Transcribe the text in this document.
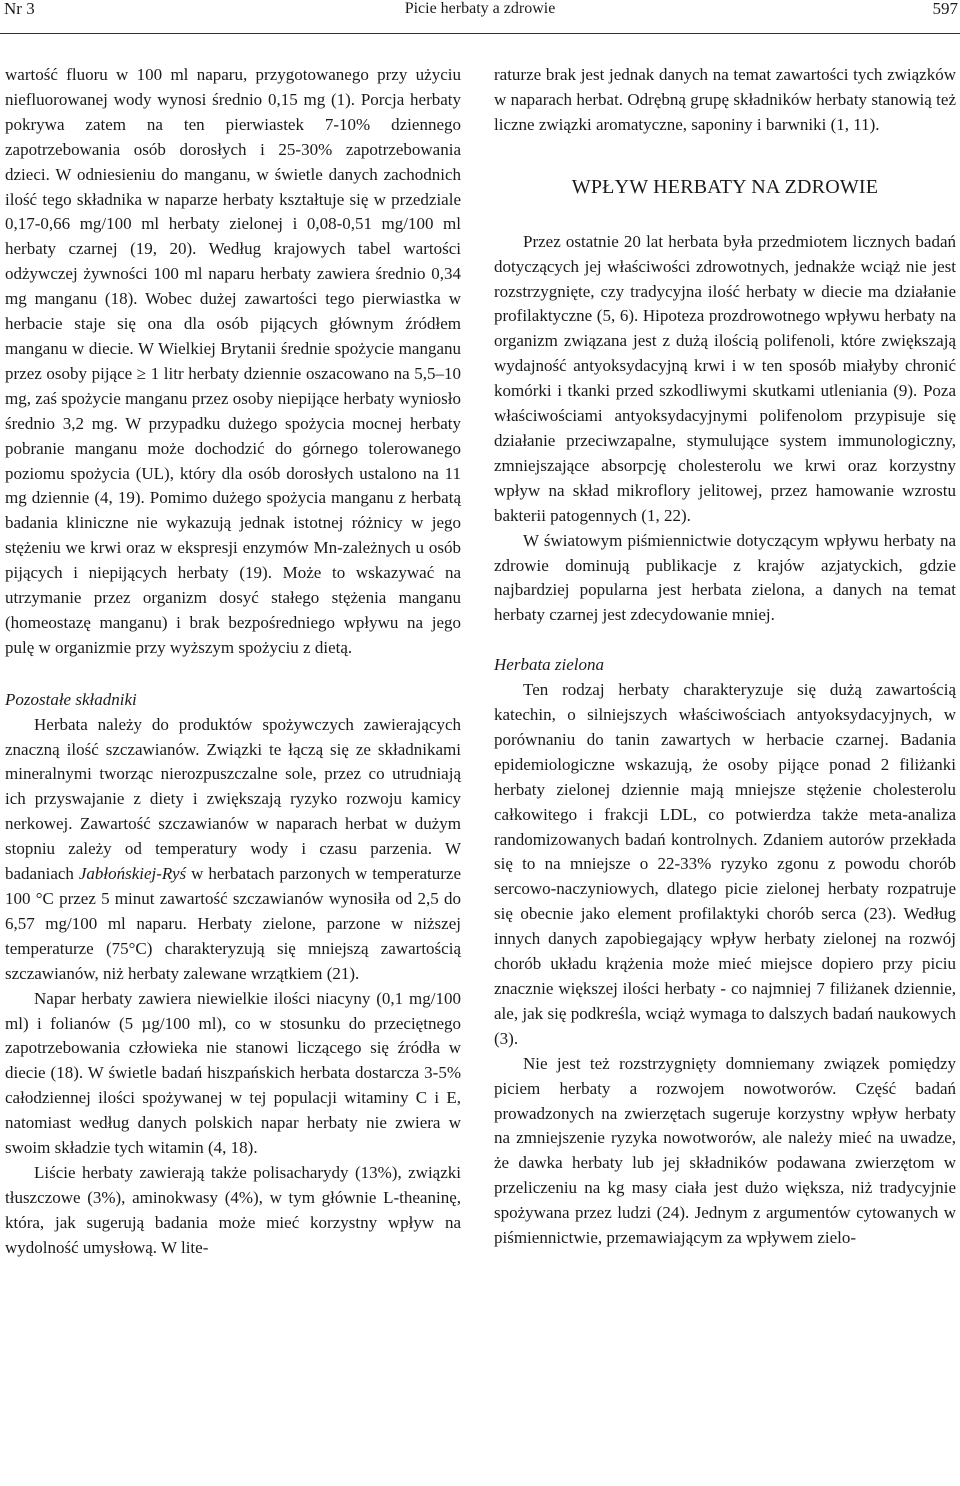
Nr 3	Picie herbaty a zdrowie	597

wartość fluoru w 100 ml naparu, przygotowanego przy użyciu niefluorowanej wody wynosi średnio 0,15 mg (1). Porcja herbaty pokrywa zatem na ten pierwiastek 7-10% dziennego zapotrzebowania osób dorosłych i 25-30% zapotrzebowania dzieci. W odniesieniu do manganu, w świetle danych zachodnich ilość tego składnika w naparze herbaty kształtuje się w przedziale 0,17-0,66 mg/100 ml herbaty zielonej i 0,08-0,51 mg/100 ml herbaty czarnej (19, 20). Według krajowych tabel wartości odżywczej żywności 100 ml naparu herbaty zawiera średnio 0,34 mg manganu (18). Wobec dużej zawartości tego pierwiastka w herbacie staje się ona dla osób pijących głównym źródłem manganu w diecie. W Wielkiej Brytanii średnie spożycie manganu przez osoby pijące ≥ 1 litr herbaty dziennie oszacowano na 5,5–10 mg, zaś spożycie manganu przez osoby niepijące herbaty wyniosło średnio 3,2 mg. W przypadku dużego spożycia mocnej herbaty pobranie manganu może dochodzić do górnego tolerowanego poziomu spożycia (UL), który dla osób dorosłych ustalono na 11 mg dziennie (4, 19). Pomimo dużego spożycia manganu z herbatą badania kliniczne nie wykazują jednak istotnej różnicy w jego stężeniu we krwi oraz w ekspresji enzymów Mn-zależnych u osób pijących i niepijących herbaty (19). Może to wskazywać na utrzymanie przez organizm dosyć stałego stężenia manganu (homeostazę manganu) i brak bezpośredniego wpływu na jego pulę w organizmie przy wyższym spożyciu z dietą.

Pozostałe składniki

Herbata należy do produktów spożywczych zawierających znaczną ilość szczawianów. Związki te łączą się ze składnikami mineralnymi tworząc nierozpuszczalne sole, przez co utrudniają ich przyswajanie z diety i zwiększają ryzyko rozwoju kamicy nerkowej. Zawartość szczawianów w naparach herbat w dużym stopniu zależy od temperatury wody i czasu parzenia. W badaniach Jabłońskiej-Ryś w herbatach parzonych w temperaturze 100 °C przez 5 minut zawartość szczawianów wynosiła od 2,5 do 6,57 mg/100 ml naparu. Herbaty zielone, parzone w niższej temperaturze (75°C) charakteryzują się mniejszą zawartością szczawianów, niż herbaty zalewane wrzątkiem (21).

Napar herbaty zawiera niewielkie ilości niacyny (0,1 mg/100 ml) i folianów (5 µg/100 ml), co w stosunku do przeciętnego zapotrzebowania człowieka nie stanowi liczącego się źródła w diecie (18). W świetle badań hiszpańskich herbata dostarcza 3-5% całodziennej ilości spożywanej w tej populacji witaminy C i E, natomiast według danych polskich napar herbaty nie zwiera w swoim składzie tych witamin (4, 18).

Liście herbaty zawierają także polisacharydy (13%), związki tłuszczowe (3%), aminokwasy (4%), w tym głównie L-theaninę, która, jak sugerują badania może mieć korzystny wpływ na wydolność umysłową. W lite-

raturze brak jest jednak danych na temat zawartości tych związków w naparach herbat. Odrębną grupę składników herbaty stanowią też liczne związki aromatyczne, saponiny i barwniki (1, 11).

WPŁYW HERBATY NA ZDROWIE

Przez ostatnie 20 lat herbata była przedmiotem licznych badań dotyczących jej właściwości zdrowotnych, jednakże wciąż nie jest rozstrzygnięte, czy tradycyjna ilość herbaty w diecie ma działanie profilaktyczne (5, 6). Hipoteza prozdrowotnego wpływu herbaty na organizm związana jest z dużą ilością polifenoli, które zwiększają wydajność antyoksydacyjną krwi i w ten sposób miałyby chronić komórki i tkanki przed szkodliwymi skutkami utleniania (9). Poza właściwościami antyoksydacyjnymi polifenolom przypisuje się działanie przeciwzapalne, stymulujące system immunologiczny, zmniejszające absorpcję cholesterolu we krwi oraz korzystny wpływ na skład mikroflory jelitowej, przez hamowanie wzrostu bakterii patogennych (1, 22).

W światowym piśmiennictwie dotyczącym wpływu herbaty na zdrowie dominują publikacje z krajów azjatyckich, gdzie najbardziej popularna jest herbata zielona, a danych na temat herbaty czarnej jest zdecydowanie mniej.

Herbata zielona

Ten rodzaj herbaty charakteryzuje się dużą zawartością katechin, o silniejszych właściwościach antyoksydacyjnych, w porównaniu do tanin zawartych w herbacie czarnej. Badania epidemiologiczne wskazują, że osoby pijące ponad 2 filiżanki herbaty zielonej dziennie mają mniejsze stężenie cholesterolu całkowitego i frakcji LDL, co potwierdza także meta-analiza randomizowanych badań kontrolnych. Zdaniem autorów przekłada się to na mniejsze o 22-33% ryzyko zgonu z powodu chorób sercowo-naczyniowych, dlatego picie zielonej herbaty rozpatruje się obecnie jako element profilaktyki chorób serca (23). Według innych danych zapobiegający wpływ herbaty zielonej na rozwój chorób układu krążenia może mieć miejsce dopiero przy piciu znacznie większej ilości herbaty - co najmniej 7 filiżanek dziennie, ale, jak się podkreśla, wciąż wymaga to dalszych badań naukowych (3).

Nie jest też rozstrzygnięty domniemany związek pomiędzy piciem herbaty a rozwojem nowotworów. Część badań prowadzonych na zwierzętach sugeruje korzystny wpływ herbaty na zmniejszenie ryzyka nowotworów, ale należy mieć na uwadze, że dawka herbaty lub jej składników podawana zwierzętom w przeliczeniu na kg masy ciała jest dużo większa, niż tradycyjnie spożywana przez ludzi (24). Jednym z argumentów cytowanych w piśmiennictwie, przemawiającym za wpływem zielo-
